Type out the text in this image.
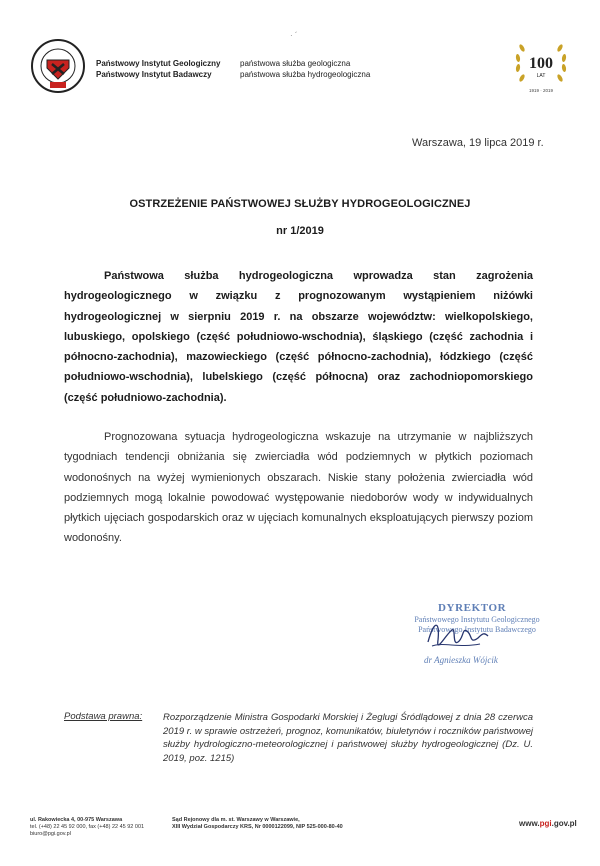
Państwowy Instytut Geologiczny
Państwowy Instytut Badawczy
państwowa służba geologiczna
państwowa służba hydrogeologiczna
100
LAT
1919 · 2019
· ´
Warszawa, 19 lipca 2019 r.
OSTRZEŻENIE PAŃSTWOWEJ SŁUŻBY HYDROGEOLOGICZNEJ
nr 1/2019
Państwowa służba hydrogeologiczna wprowadza stan zagrożenia hydrogeologicznego w związku z prognozowanym wystąpieniem niżówki hydrogeologicznej w sierpniu 2019 r. na obszarze województw: wielkopolskiego, lubuskiego, opolskiego (część południowo-wschodnia), śląskiego (część zachodnia i północno-zachodnia), mazowieckiego (część północno-zachodnia), łódzkiego (część południowo-wschodnia), lubelskiego (część północna) oraz zachodniopomorskiego (część południowo-zachodnia).
Prognozowana sytuacja hydrogeologiczna wskazuje na utrzymanie w najbliższych tygodniach tendencji obniżania się zwierciadła wód podziemnych w płytkich poziomach wodonośnych na wyżej wymienionych obszarach. Niskie stany położenia zwierciadła wód podziemnych mogą lokalnie powodować występowanie niedoborów wody w indywidualnych płytkich ujęciach gospodarskich oraz w ujęciach komunalnych eksploatujących pierwszy poziom wodonośny.
DYREKTOR
Państwowego Instytutu Geologicznego
Państwowego Instytutu Badawczego
dr Agnieszka Wójcik
Podstawa prawna: Rozporządzenie Ministra Gospodarki Morskiej i Żeglugi Śródlądowej z dnia 28 czerwca 2019 r. w sprawie ostrzeżeń, prognoz, komunikatów, biuletynów i roczników państwowej służby hydrologiczno-meteorologicznej i państwowej służby hydrogeologicznej (Dz. U. 2019, poz. 1215)
ul. Rakowiecka 4, 00-975 Warszawa
tel. (+48) 22 45 92 000, fax (+48) 22 45 92 001
biuro@pgi.gov.pl
Sąd Rejonowy dla m. st. Warszawy w Warszawie,
XIII Wydział Gospodarczy KRS, Nr 0000122099, NIP 525-000-80-40	www.pgi.gov.pl
